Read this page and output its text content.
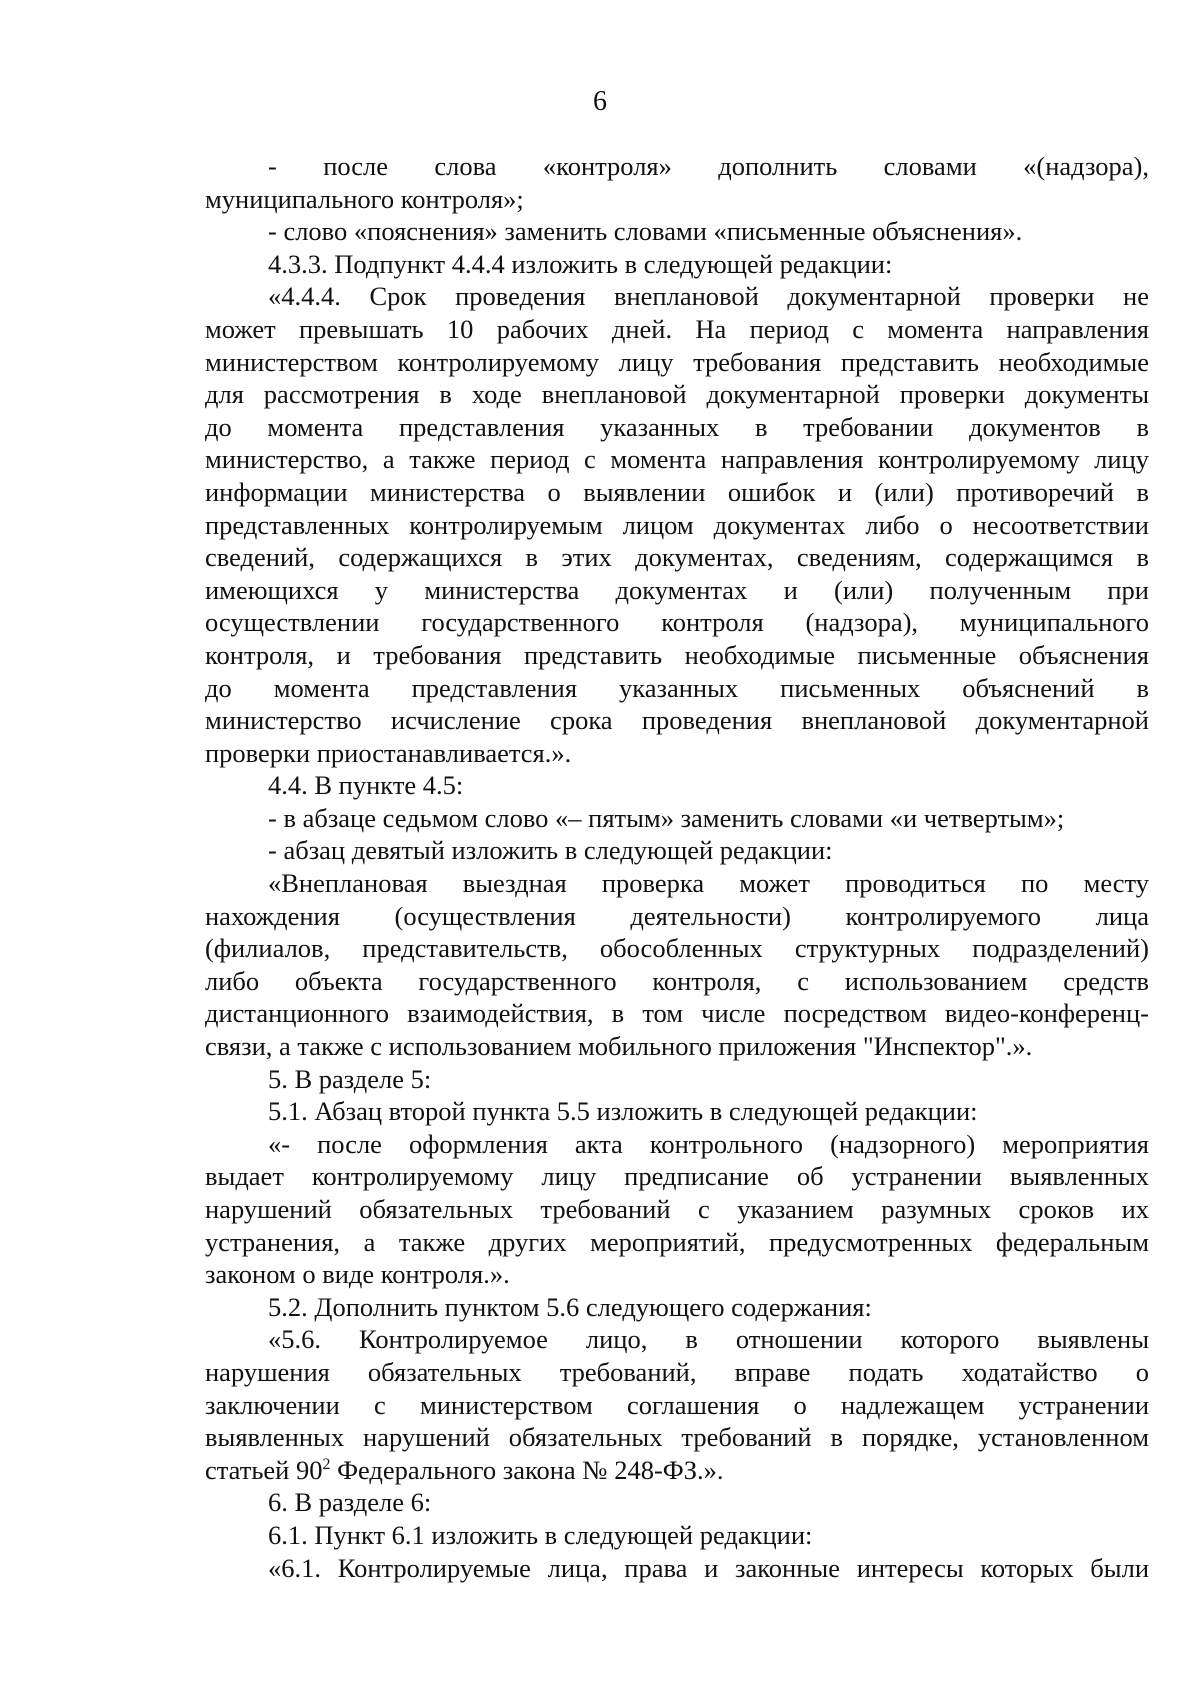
6
- после слова «контроля» дополнить словами «(надзора),
муниципального контроля»;
- слово «пояснения» заменить словами «письменные объяснения».
4.3.3. Подпункт 4.4.4 изложить в следующей редакции:
«4.4.4. Срок проведения внеплановой документарной проверки не
может превышать 10 рабочих дней. На период с момента направления
министерством контролируемому лицу требования представить необходимые
для рассмотрения в ходе внеплановой документарной проверки документы
до момента представления указанных в требовании документов в
министерство, а также период с момента направления контролируемому лицу
информации министерства о выявлении ошибок и (или) противоречий в
представленных контролируемым лицом документах либо о несоответствии
сведений, содержащихся в этих документах, сведениям, содержащимся в
имеющихся у министерства документах и (или) полученным при
осуществлении государственного контроля (надзора), муниципального
контроля, и требования представить необходимые письменные объяснения
до момента представления указанных письменных объяснений в
министерство исчисление срока проведения внеплановой документарной
проверки приостанавливается.».
4.4. В пункте 4.5:
- в абзаце седьмом слово «– пятым» заменить словами «и четвертым»;
- абзац девятый изложить в следующей редакции:
«Внеплановая выездная проверка может проводиться по месту
нахождения (осуществления деятельности) контролируемого лица
(филиалов, представительств, обособленных структурных подразделений)
либо объекта государственного контроля, с использованием средств
дистанционного взаимодействия, в том числе посредством видео-конференц-
связи, а также с использованием мобильного приложения "Инспектор".».
5. В разделе 5:
5.1. Абзац второй пункта 5.5 изложить в следующей редакции:
«- после оформления акта контрольного (надзорного) мероприятия
выдает контролируемому лицу предписание об устранении выявленных
нарушений обязательных требований с указанием разумных сроков их
устранения, а также других мероприятий, предусмотренных федеральным
законом о виде контроля.».
5.2. Дополнить пунктом 5.6 следующего содержания:
«5.6. Контролируемое лицо, в отношении которого выявлены
нарушения обязательных требований, вправе подать ходатайство о
заключении с министерством соглашения о надлежащем устранении
выявленных нарушений обязательных требований в порядке, установленном
статьей $90^2$ Федерального закона № 248-ФЗ.».
6. В разделе 6:
6.1. Пункт 6.1 изложить в следующей редакции:
«6.1. Контролируемые лица, права и законные интересы которых были
